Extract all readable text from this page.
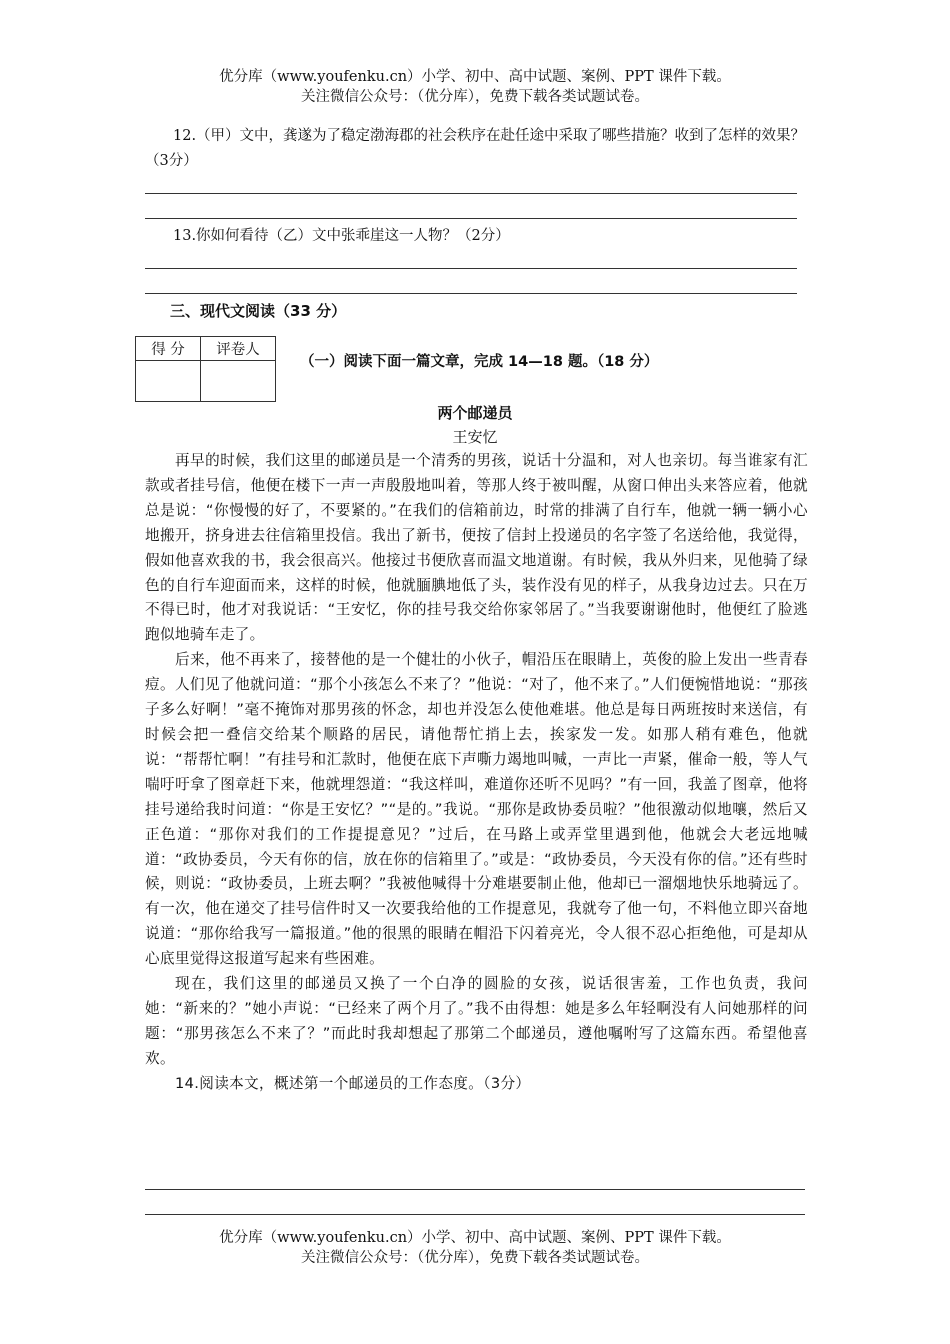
优分库（www.youfenku.cn）小学、初中、高中试题、案例、PPT 课件下载。
关注微信公众号：（优分库），免费下载各类试题试卷。

12.（甲）文中，龚遂为了稳定渤海郡的社会秩序在赴任途中采取了哪些措施？收到了怎样的效果？（3分）

13.你如何看待（乙）文中张乖崖这一人物？（2分）

三、现代文阅读（33 分）
得 分	评卷人

（一）阅读下面一篇文章，完成 14—18 题。（18 分）
两个邮递员
王安忆

再早的时候，我们这里的邮递员是一个清秀的男孩，说话十分温和，对人也亲切。每当谁家有汇款或者挂号信，他便在楼下一声一声殷殷地叫着，等那人终于被叫醒，从窗口伸出头来答应着，他就总是说：“你慢慢的好了，不要紧的。”在我们的信箱前边，时常的排满了自行车，他就一辆一辆小心地搬开，挤身进去往信箱里投信。我出了新书，便按了信封上投递员的名字签了名送给他，我觉得，假如他喜欢我的书，我会很高兴。他接过书便欣喜而温文地道谢。有时候，我从外归来，见他骑了绿色的自行车迎面而来，这样的时候，他就腼腆地低了头，装作没有见的样子，从我身边过去。只在万不得已时，他才对我说话：“王安忆，你的挂号我交给你家邻居了。”当我要谢谢他时，他便红了脸逃跑似地骑车走了。

后来，他不再来了，接替他的是一个健壮的小伙子，帽沿压在眼睛上，英俊的脸上发出一些青春痘。人们见了他就问道：“那个小孩怎么不来了？”他说：“对了，他不来了。”人们便惋惜地说：“那孩子多么好啊！”毫不掩饰对那男孩的怀念，却也并没怎么使他难堪。他总是每日两班按时来送信，有时候会把一叠信交给某个顺路的居民，请他帮忙捎上去，挨家发一发。如那人稍有难色，他就说：“帮帮忙啊！”有挂号和汇款时，他便在底下声嘶力竭地叫喊，一声比一声紧，催命一般，等人气喘吁吁拿了图章赶下来，他就埋怨道：“我这样叫，难道你还听不见吗？”有一回，我盖了图章，他将挂号递给我时问道：“你是王安忆？”“是的。”我说。“那你是政协委员啦？”他很激动似地嚷，然后又正色道：“那你对我们的工作提提意见？”过后，在马路上或弄堂里遇到他，他就会大老远地喊道：“政协委员，今天有你的信，放在你的信箱里了。”或是：“政协委员，今天没有你的信。”还有些时候，则说：“政协委员，上班去啊？”我被他喊得十分难堪要制止他，他却已一溜烟地快乐地骑远了。有一次，他在递交了挂号信件时又一次要我给他的工作提意见，我就夸了他一句，不料他立即兴奋地说道：“那你给我写一篇报道。”他的很黑的眼睛在帽沿下闪着亮光，令人很不忍心拒绝他，可是却从心底里觉得这报道写起来有些困难。

现在，我们这里的邮递员又换了一个白净的圆脸的女孩，说话很害羞，工作也负责，我问她：“新来的？”她小声说：“已经来了两个月了。”我不由得想：她是多么年轻啊没有人问她那样的问题：“那男孩怎么不来了？”而此时我却想起了那第二个邮递员，遵他嘱咐写了这篇东西。希望他喜欢。

14.阅读本文，概述第一个邮递员的工作态度。（3分）

优分库（www.youfenku.cn）小学、初中、高中试题、案例、PPT 课件下载。
关注微信公众号：（优分库），免费下载各类试题试卷。
